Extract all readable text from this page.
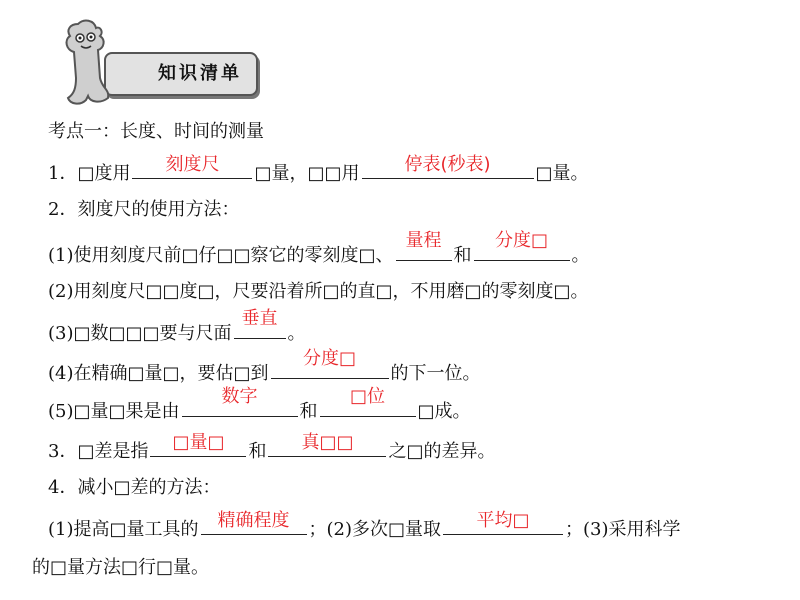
知识清单
考点一：长度、时间的测量
1．□度用	刻度尺	□量，□□用	停表(秒表)	□量。
2．刻度尺的使用方法：
(1)使用刻度尺前□仔□□察它的零刻度□、
量程
和
分度□
。
(2)用刻度尺□□度□，尺要沿着所□的直□，不用磨□的零刻度□。
(3)□数□□□要与尺面
垂直
。
(4)在精确□量□，要估□到
分度□
的下一位。
(5)□量□果是由
数字
和
□位
□成。
3．□差是指	□量□	和	真□□	之□的差异。
4．减小□差的方法：
(1)提高□量工具的	精确程度	；(2)多次□量取	平均□	；(3)采用科学
的□量方法□行□量。
